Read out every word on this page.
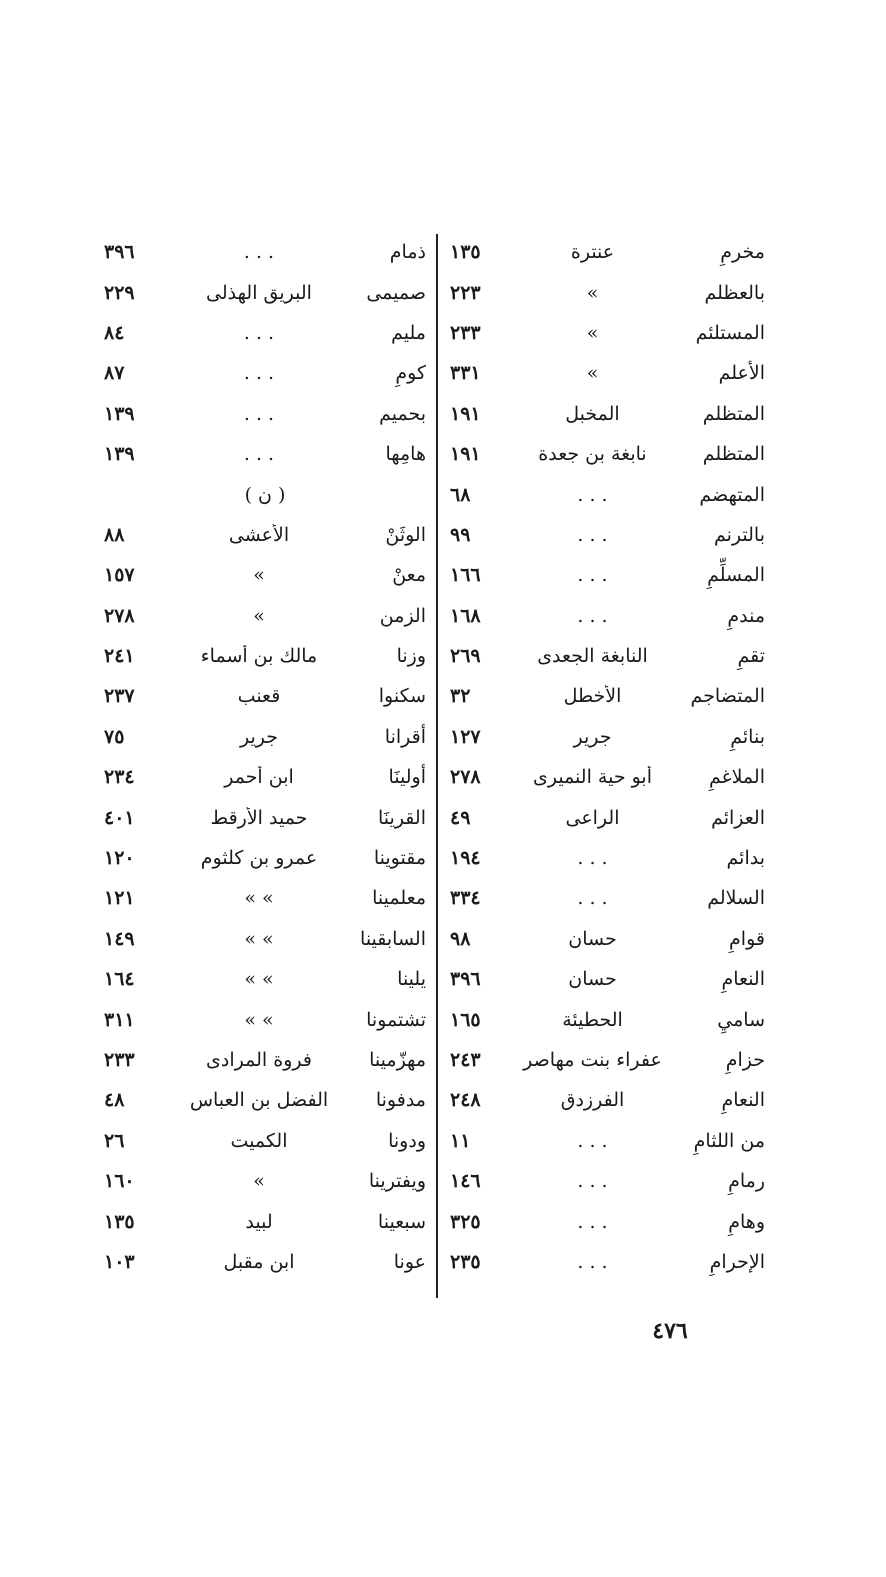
مخرمِ
عنترة
١٣٥
بالعظلم
»
٢٢٣
المستلئم
»
٢٣٣
الأعلم
»
٣٣١
المتظلم
المخبل
١٩١
المتظلم
نابغة بن جعدة
١٩١
المتهضم
. . .
٦٨
بالترنم
. . .
٩٩
المسلِّمِ
. . .
١٦٦
مندمِ
. . .
١٦٨
تقمِ
النابغة الجعدى
٢٦٩
المتضاجم
الأخطل
٣٢
بنائمِ
جرير
١٢٧
الملاغمِ
أبو حية النميرى
٢٧٨
العزائم
الراعى
٤٩
بدائم
. . .
١٩٤
السلالم
. . .
٣٣٤
قوامِ
حسان
٩٨
النعامِ
حسان
٣٩٦
ساميِ
الحطيئة
١٦٥
حزامِ
عفراء بنت مهاصر
٢٤٣
النعامِ
الفرزدق
٢٤٨
من اللثامِ
. . .
١١
رمامِ
. . .
١٤٦
وهامِ
. . .
٣٢٥
الإحرامِ
. . .
٢٣٥
ذمام
. . .
٣٩٦
صميمى
البريق الهذلى
٢٢٩
مليم
. . .
٨٤
كومِ
. . .
٨٧
بحميم
. . .
١٣٩
هامِها
. . .
١٣٩
( ن )
الوثَنْ
الأعشى
٨٨
معنْ
»
١٥٧
الزمن
»
٢٧٨
وزنا
مالك بن أسماء
٢٤١
سكنوا
قعنب
٢٣٧
أقرانا
جرير
٧٥
أولينَا
ابن أحمر
٢٣٤
القرينَا
حميد الأرقط
٤٠١
مقتوينا
عمرو بن كلثوم
١٢٠
معلمينا
» »
١٢١
السابقينا
» »
١٤٩
يلينا
» »
١٦٤
تشتمونا
» »
٣١١
مهزّمينا
فروة المرادى
٢٣٣
مدفونا
الفضل بن العباس
٤٨
ودونا
الكميت
٢٦
ويفترينا
»
١٦٠
سبعينا
لبيد
١٣٥
عونا
ابن مقبل
١٠٣
٤٧٦
